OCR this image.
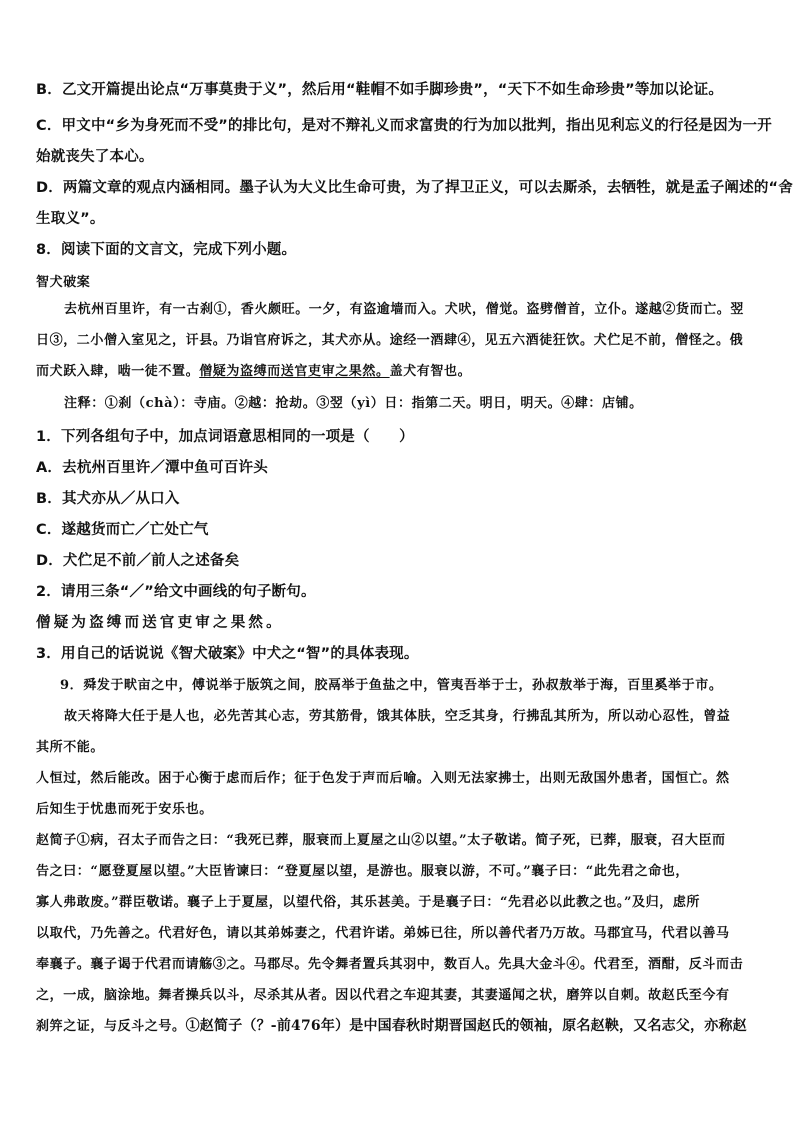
B．乙文开篇提出论点“万事莫贵于义”，然后用“鞋帽不如手脚珍贵”，“天下不如生命珍贵”等加以论证。
C．甲文中“乡为身死而不受”的排比句，是对不辩礼义而求富贵的行为加以批判，指出见利忘义的行径是因为一开
始就丧失了本心。
D．两篇文章的观点内涵相同。墨子认为大义比生命可贵，为了捍卫正义，可以去厮杀，去牺牲，就是孟子阐述的“舍
生取义”。
8．阅读下面的文言文，完成下列小题。
智犬破案
去杭州百里许，有一古刹①，香火颇旺。一夕，有盗逾墙而入。犬吠，僧觉。盗劈僧首，立仆。遂越②货而亡。翌
日③，二小僧入室见之，讦县。乃诣官府诉之，其犬亦从。途经一酒肆④，见五六酒徒狂饮。犬伫足不前，僧怪之。俄
而犬跃入肆，啮一徒不置。僧疑为盗缚而送官吏审之果然。盖犬有智也。
注释：①刹（chà）：寺庙。②越：抢劫。③翌（yì）日：指第二天。明日，明天。④肆：店铺。
1．下列各组句子中，加点词语意思相同的一项是（　　）
A．去杭州百里许／潭中鱼可百许头
B．其犬亦从／从口入
C．遂越货而亡／亡处亡气
D．犬伫足不前／前人之述备矣
2．请用三条“／”给文中画线的句子断句。
僧疑为盗缚而送官吏审之果然。
3．用自己的话说说《智犬破案》中犬之“智”的具体表现。
9．舜发于畎亩之中，傅说举于版筑之间，胶鬲举于鱼盐之中，管夷吾举于士，孙叔敖举于海，百里奚举于市。
故天将降大任于是人也，必先苦其心志，劳其筋骨，饿其体肤，空乏其身，行拂乱其所为，所以动心忍性，曾益
其所不能。
人恒过，然后能改。困于心衡于虑而后作；征于色发于声而后喻。入则无法家拂士，出则无敌国外患者，国恒亡。然
后知生于忧患而死于安乐也。
赵简子①病，召太子而告之曰：“我死已葬，服衰而上夏屋之山②以望。”太子敬诺。简子死，已葬，服衰，召大臣而
告之曰：“愿登夏屋以望。”大臣皆谏曰：“登夏屋以望，是游也。服衰以游，不可。”襄子曰：“此先君之命也，
寡人弗敢废。”群臣敬诺。襄子上于夏屋，以望代俗，其乐甚美。于是襄子曰：“先君必以此教之也。”及归，虑所
以取代，乃先善之。代君好色，请以其弟姊妻之，代君许诺。弟姊已往，所以善代者乃万故。马郡宜马，代君以善马
奉襄子。襄子谒于代君而请觞③之。马郡尽。先令舞者置兵其羽中，数百人。先具大金斗④。代君至，酒酣，反斗而击
之，一成，脑涂地。舞者操兵以斗，尽杀其从者。因以代君之车迎其妻，其妻遥闻之状，磨笄以自刺。故赵氏至今有
刹笄之证，与反斗之号。①赵简子（？-前476年）是中国春秋时期晋国赵氏的领袖，原名赵鞅，又名志父，亦称赵
